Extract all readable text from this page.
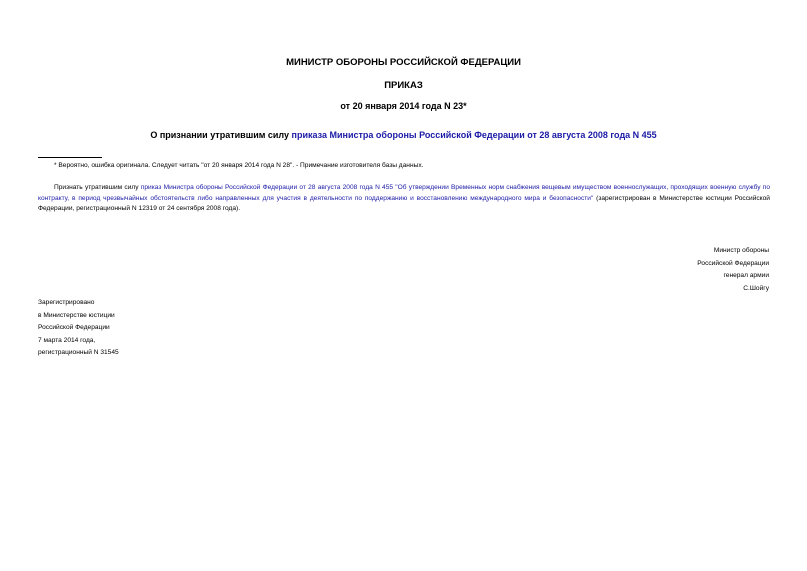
МИНИСТР ОБОРОНЫ РОССИЙСКОЙ ФЕДЕРАЦИИ
ПРИКАЗ
от 20 января 2014 года N 23*
О признании утратившим силу приказа Министра обороны Российской Федерации от 28 августа 2008 года N 455
* Вероятно, ошибка оригинала. Следует читать "от 20 января 2014 года N 28". - Примечание изготовителя базы данных.
Признать утратившим силу приказ Министра обороны Российской Федерации от 28 августа 2008 года N 455 "Об утверждении Временных норм снабжения вещевым имуществом военнослужащих, проходящих военную службу по контракту, в период чрезвычайных обстоятельств либо направленных для участия в деятельности по поддержанию и восстановлению международного мира и безопасности" (зарегистрирован в Министерстве юстиции Российской Федерации, регистрационный N 12319 от 24 сентября 2008 года).
Министр обороны
Российской Федерации
генерал армии
С.Шойгу
Зарегистрировано
в Министерстве юстиции
Российской Федерации
7 марта 2014 года,
регистрационный N 31545
